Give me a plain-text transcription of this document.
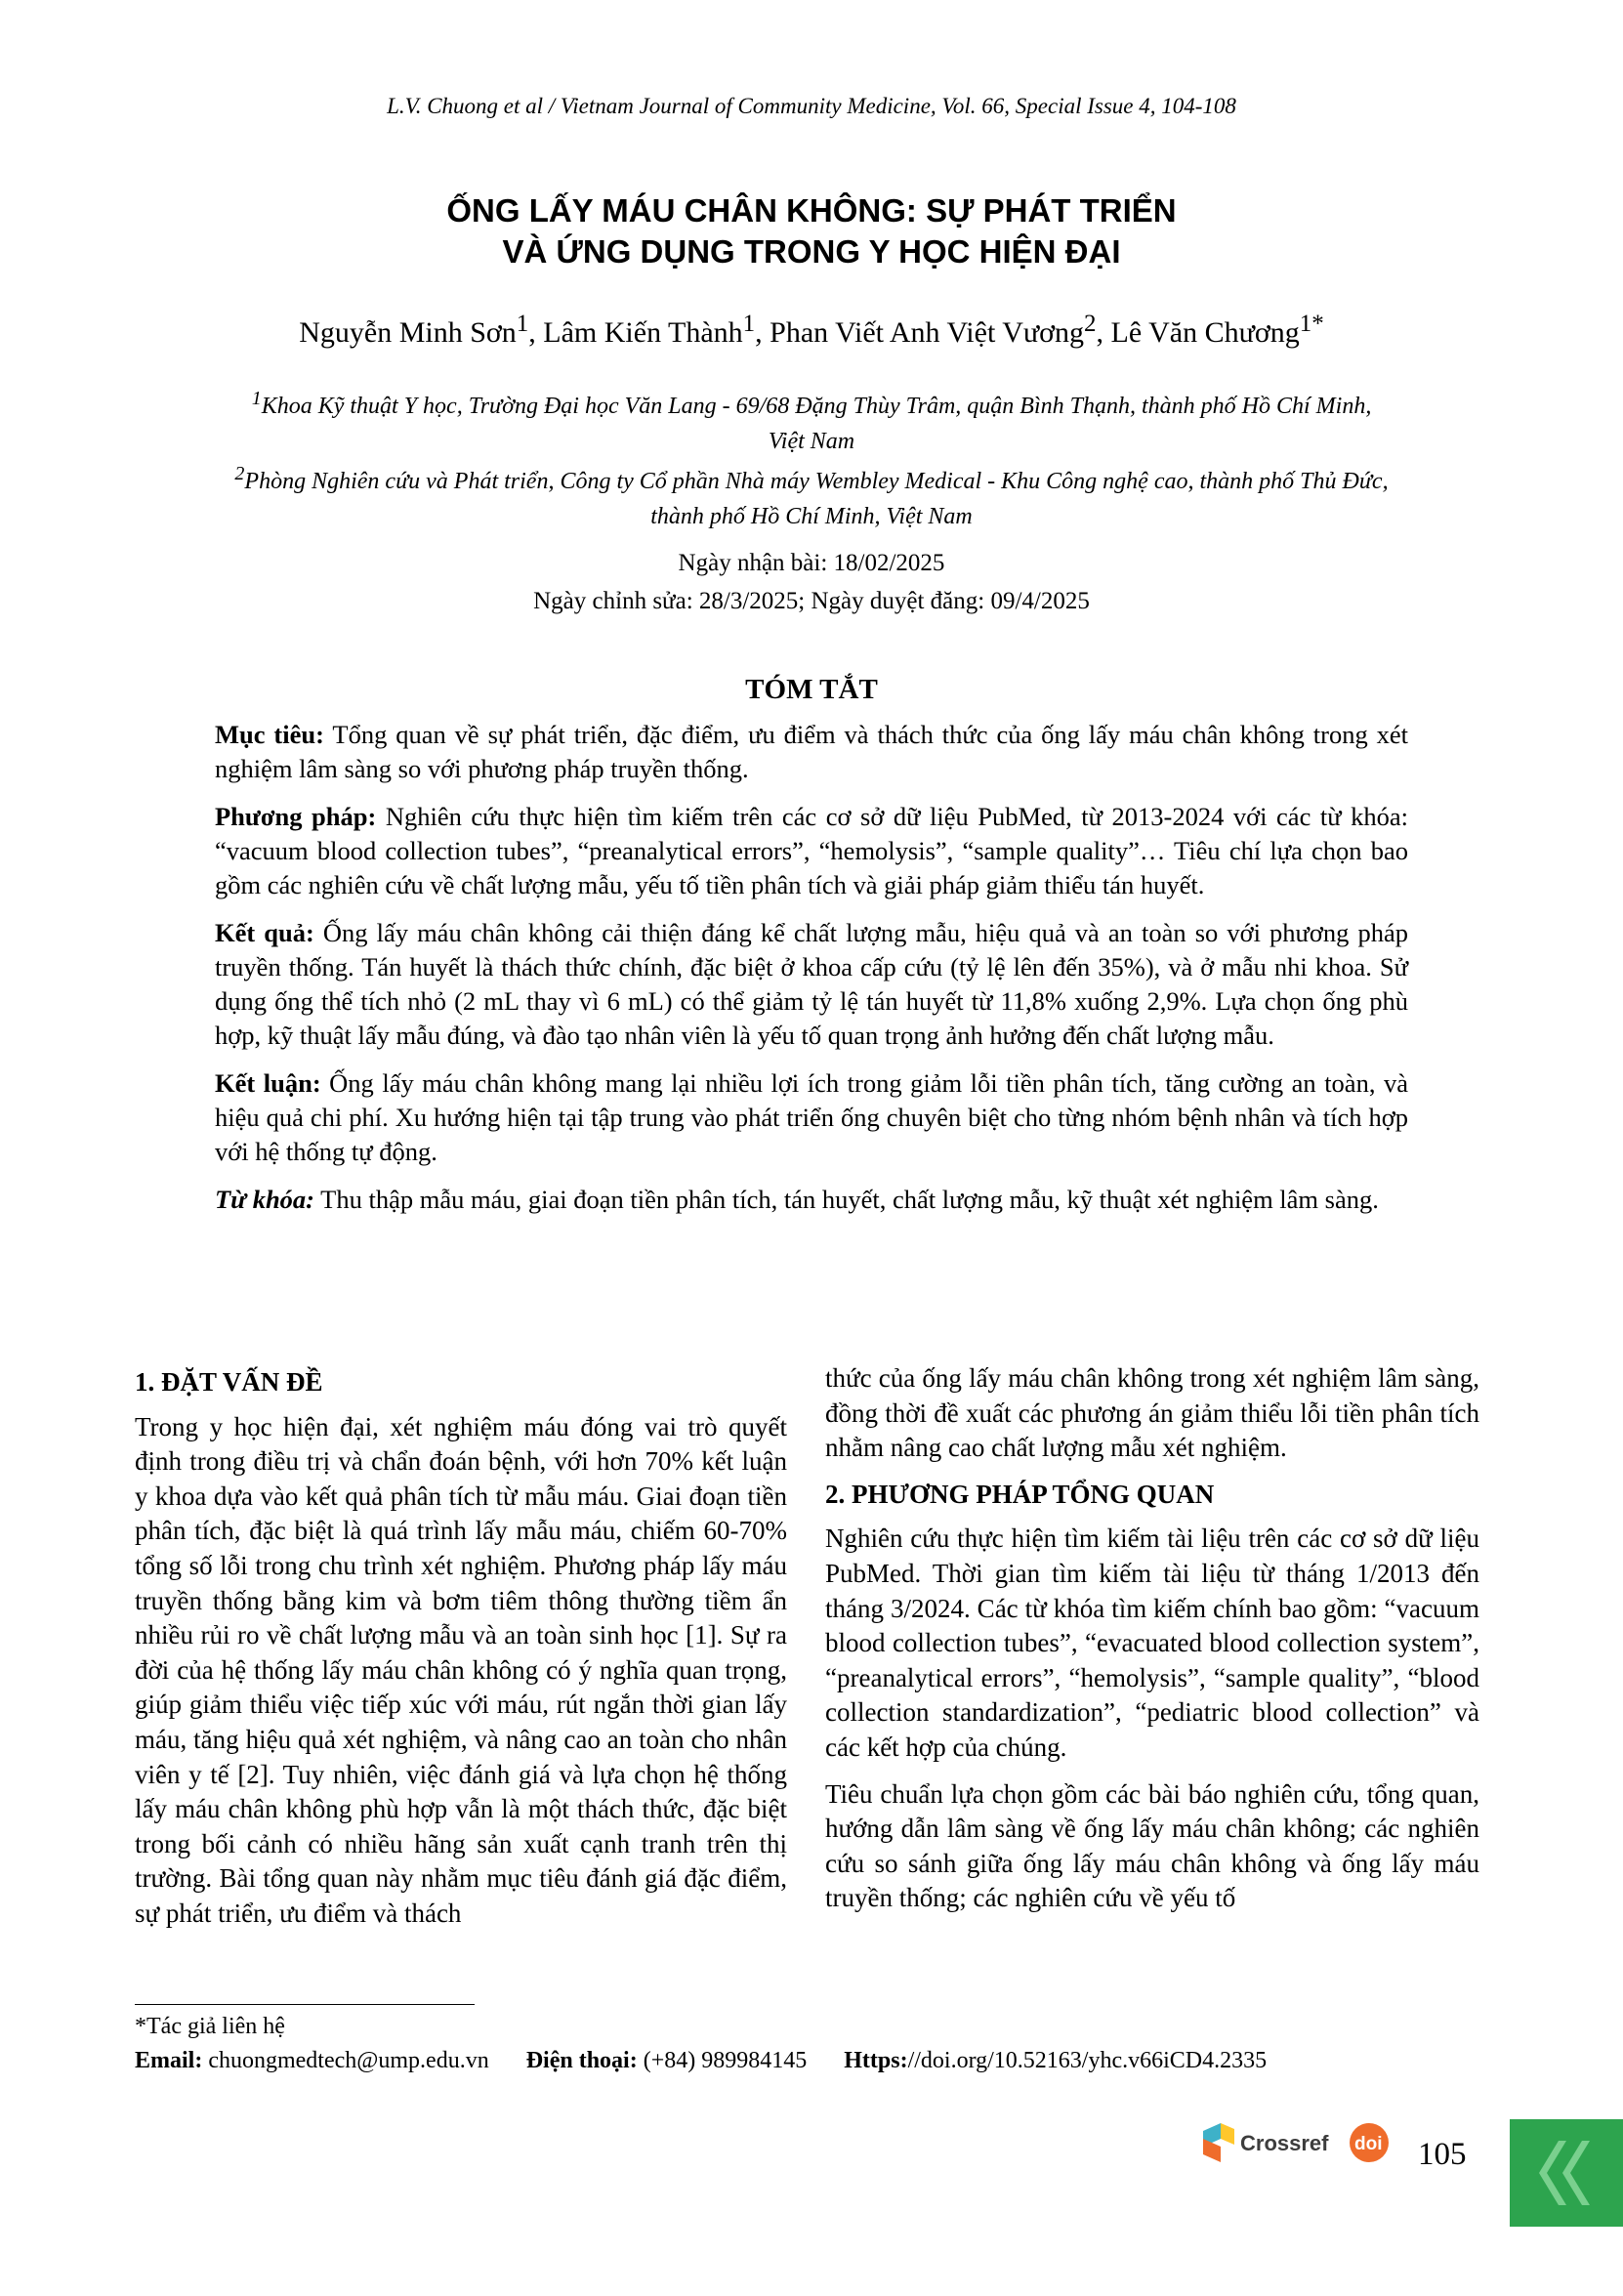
L.V. Chuong et al / Vietnam Journal of Community Medicine, Vol. 66, Special Issue 4, 104-108
ỐNG LẤY MÁU CHÂN KHÔNG: SỰ PHÁT TRIỂN
VÀ ỨNG DỤNG TRONG Y HỌC HIỆN ĐẠI
Nguyễn Minh Sơn$^1$, Lâm Kiến Thành$^1$, Phan Viết Anh Việt Vương$^2$, Lê Văn Chương$^{1*}$
$^1$Khoa Kỹ thuật Y học, Trường Đại học Văn Lang - 69/68 Đặng Thùy Trâm, quận Bình Thạnh, thành phố Hồ Chí Minh,
Việt Nam
$^2$Phòng Nghiên cứu và Phát triển, Công ty Cổ phần Nhà máy Wembley Medical - Khu Công nghệ cao, thành phố Thủ Đức,
thành phố Hồ Chí Minh, Việt Nam
Ngày nhận bài: 18/02/2025
Ngày chỉnh sửa: 28/3/2025; Ngày duyệt đăng: 09/4/2025
TÓM TẮT

Mục tiêu: Tổng quan về sự phát triển, đặc điểm, ưu điểm và thách thức của ống lấy máu chân không trong xét nghiệm lâm sàng so với phương pháp truyền thống.

Phương pháp: Nghiên cứu thực hiện tìm kiếm trên các cơ sở dữ liệu PubMed, từ 2013-2024 với các từ khóa: “vacuum blood collection tubes”, “preanalytical errors”, “hemolysis”, “sample quality”… Tiêu chí lựa chọn bao gồm các nghiên cứu về chất lượng mẫu, yếu tố tiền phân tích và giải pháp giảm thiểu tán huyết.

Kết quả: Ống lấy máu chân không cải thiện đáng kể chất lượng mẫu, hiệu quả và an toàn so với phương pháp truyền thống. Tán huyết là thách thức chính, đặc biệt ở khoa cấp cứu (tỷ lệ lên đến 35%), và ở mẫu nhi khoa. Sử dụng ống thể tích nhỏ (2 mL thay vì 6 mL) có thể giảm tỷ lệ tán huyết từ 11,8% xuống 2,9%. Lựa chọn ống phù hợp, kỹ thuật lấy mẫu đúng, và đào tạo nhân viên là yếu tố quan trọng ảnh hưởng đến chất lượng mẫu.

Kết luận: Ống lấy máu chân không mang lại nhiều lợi ích trong giảm lỗi tiền phân tích, tăng cường an toàn, và hiệu quả chi phí. Xu hướng hiện tại tập trung vào phát triển ống chuyên biệt cho từng nhóm bệnh nhân và tích hợp với hệ thống tự động.

Từ khóa: Thu thập mẫu máu, giai đoạn tiền phân tích, tán huyết, chất lượng mẫu, kỹ thuật xét nghiệm lâm sàng.

1. ĐẶT VẤN ĐỀ

Trong y học hiện đại, xét nghiệm máu đóng vai trò quyết định trong điều trị và chẩn đoán bệnh, với hơn 70% kết luận y khoa dựa vào kết quả phân tích từ mẫu máu. Giai đoạn tiền phân tích, đặc biệt là quá trình lấy mẫu máu, chiếm 60-70% tổng số lỗi trong chu trình xét nghiệm. Phương pháp lấy máu truyền thống bằng kim và bơm tiêm thông thường tiềm ẩn nhiều rủi ro về chất lượng mẫu và an toàn sinh học [1]. Sự ra đời của hệ thống lấy máu chân không có ý nghĩa quan trọng, giúp giảm thiểu việc tiếp xúc với máu, rút ngắn thời gian lấy máu, tăng hiệu quả xét nghiệm, và nâng cao an toàn cho nhân viên y tế [2]. Tuy nhiên, việc đánh giá và lựa chọn hệ thống lấy máu chân không phù hợp vẫn là một thách thức, đặc biệt trong bối cảnh có nhiều hãng sản xuất cạnh tranh trên thị trường. Bài tổng quan này nhằm mục tiêu đánh giá đặc điểm, sự phát triển, ưu điểm và thách

thức của ống lấy máu chân không trong xét nghiệm lâm sàng, đồng thời đề xuất các phương án giảm thiểu lỗi tiền phân tích nhằm nâng cao chất lượng mẫu xét nghiệm.

2. PHƯƠNG PHÁP TỔNG QUAN

Nghiên cứu thực hiện tìm kiếm tài liệu trên các cơ sở dữ liệu PubMed. Thời gian tìm kiếm tài liệu từ tháng 1/2013 đến tháng 3/2024. Các từ khóa tìm kiếm chính bao gồm: “vacuum blood collection tubes”, “evacuated blood collection system”, “preanalytical errors”, “hemolysis”, “sample quality”, “blood collection standardization”, “pediatric blood collection” và các kết hợp của chúng.

Tiêu chuẩn lựa chọn gồm các bài báo nghiên cứu, tổng quan, hướng dẫn lâm sàng về ống lấy máu chân không; các nghiên cứu so sánh giữa ống lấy máu chân không và ống lấy máu truyền thống; các nghiên cứu về yếu tố

*Tác giả liên hệ
Email: chuongmedtech@ump.edu.vn Điện thoại: (+84) 989984145 Https://doi.org/10.52163/yhc.v66iCD4.2335
Crossref doi 105
